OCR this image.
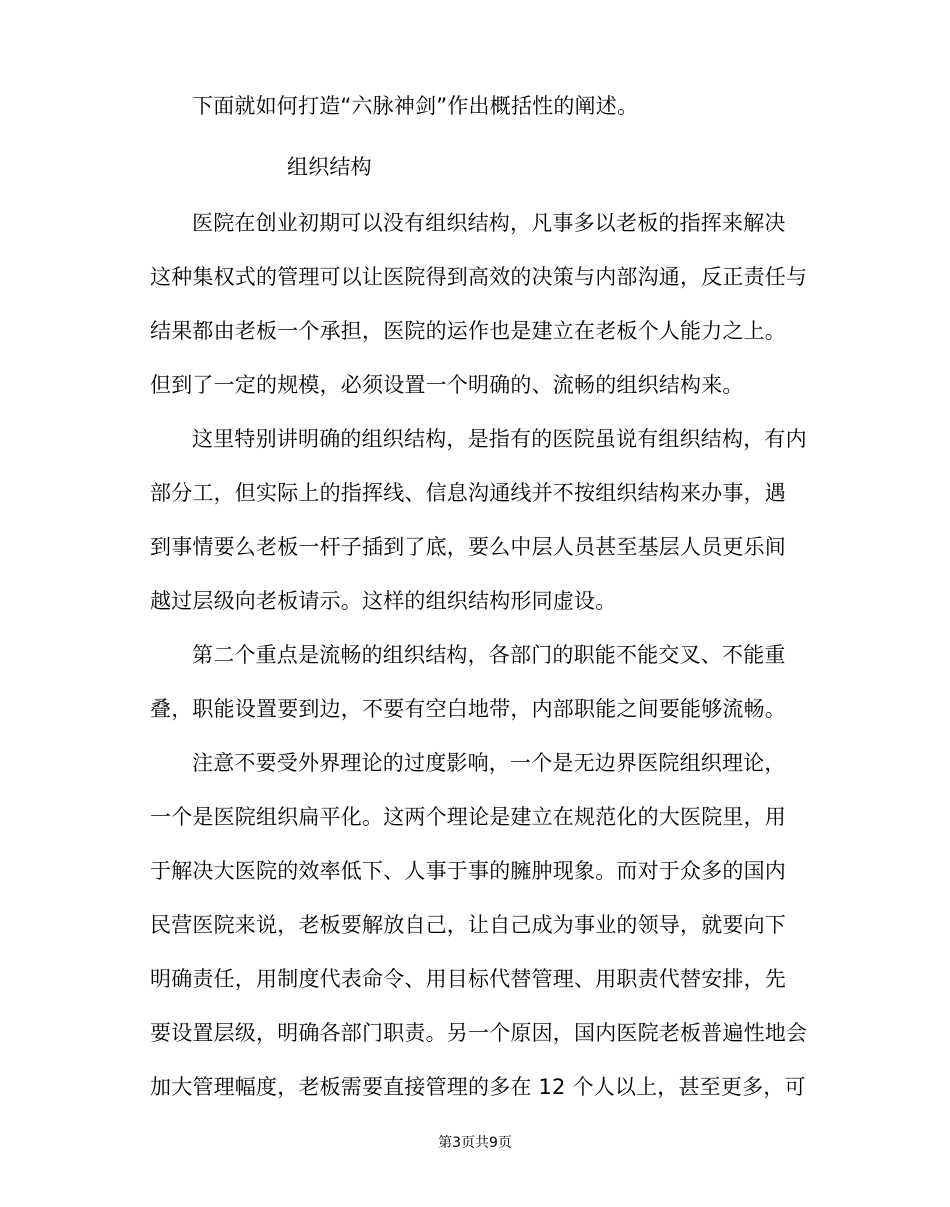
下面就如何打造“六脉神剑”作出概括性的阐述。
组织结构
医院在创业初期可以没有组织结构，凡事多以老板的指挥来解决
这种集权式的管理可以让医院得到高效的决策与内部沟通，反正责任与
结果都由老板一个承担，医院的运作也是建立在老板个人能力之上。
但到了一定的规模，必须设置一个明确的、流畅的组织结构来。
这里特别讲明确的组织结构，是指有的医院虽说有组织结构，有内
部分工，但实际上的指挥线、信息沟通线并不按组织结构来办事，遇
到事情要么老板一杆子插到了底，要么中层人员甚至基层人员更乐间
越过层级向老板请示。这样的组织结构形同虚设。
第二个重点是流畅的组织结构，各部门的职能不能交叉、不能重
叠，职能设置要到边，不要有空白地带，内部职能之间要能够流畅。
注意不要受外界理论的过度影响，一个是无边界医院组织理论，
一个是医院组织扁平化。这两个理论是建立在规范化的大医院里，用
于解决大医院的效率低下、人事于事的臃肿现象。而对于众多的国内
民营医院来说，老板要解放自己，让自己成为事业的领导，就要向下
明确责任，用制度代表命令、用目标代替管理、用职责代替安排，先
要设置层级，明确各部门职责。另一个原因，国内医院老板普遍性地会
加大管理幅度，老板需要直接管理的多在 12 个人以上，甚至更多，可
第3页共9页
